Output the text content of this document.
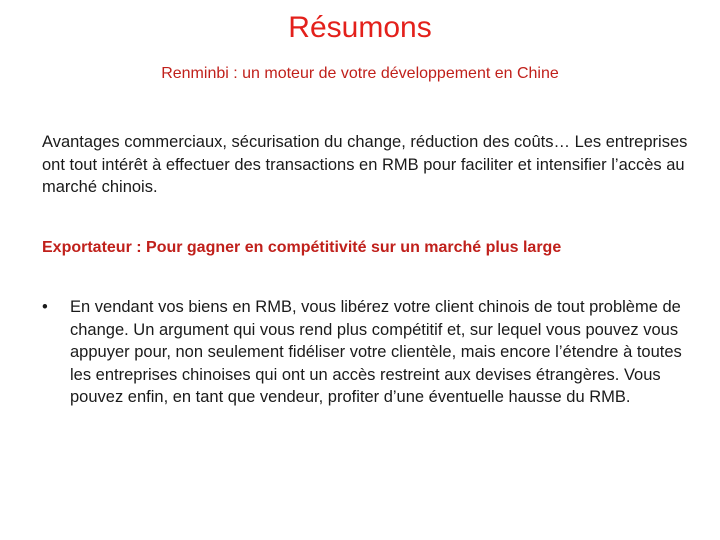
Résumons
Renminbi : un moteur de votre développement en Chine
Avantages commerciaux, sécurisation du change, réduction des coûts… Les entreprises ont tout intérêt à effectuer des transactions en RMB pour faciliter et intensifier l’accès au marché chinois.
Exportateur : Pour gagner en compétitivité sur un marché plus large
•	En vendant vos biens en RMB, vous libérez votre client chinois de tout problème de change. Un argument qui vous rend plus compétitif et, sur lequel vous pouvez vous appuyer pour, non seulement fidéliser votre clientèle, mais encore l’étendre à toutes les entreprises chinoises qui ont un accès restreint aux devises étrangères. Vous pouvez enfin, en tant que vendeur, profiter d’une éventuelle hausse du RMB.
